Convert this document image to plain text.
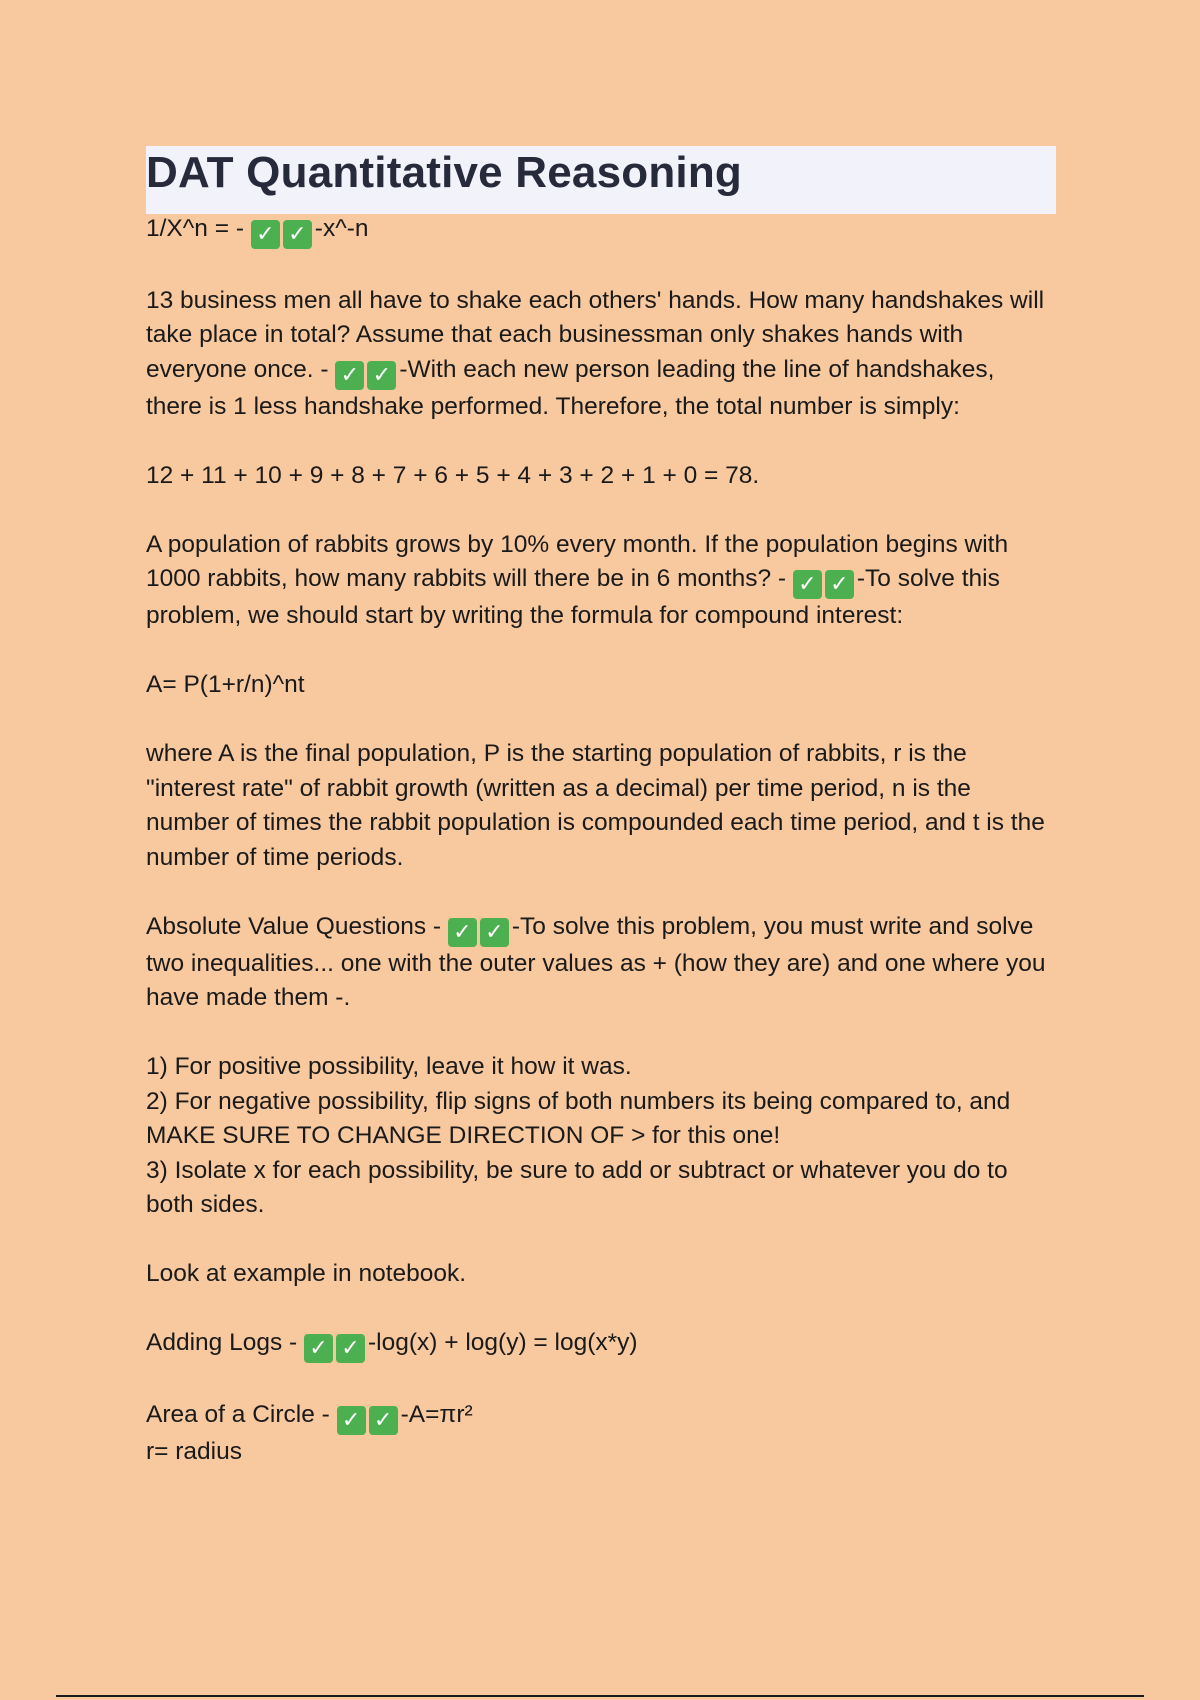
DAT Quantitative Reasoning

1/X^n = - ✓ ✓ -x^-n

13 business men all have to shake each others' hands. How many handshakes will take place in total? Assume that each businessman only shakes hands with everyone once. - ✓ ✓ -With each new person leading the line of handshakes, there is 1 less handshake performed. Therefore, the total number is simply:

12 + 11 + 10 + 9 + 8 + 7 + 6 + 5 + 4 + 3 + 2 + 1 + 0 = 78.

A population of rabbits grows by 10% every month. If the population begins with 1000 rabbits, how many rabbits will there be in 6 months? - ✓ ✓ -To solve this problem, we should start by writing the formula for compound interest:

A= P(1+r/n)^nt

where A is the final population, P is the starting population of rabbits, r is the "interest rate" of rabbit growth (written as a decimal) per time period, n is the number of times the rabbit population is compounded each time period, and t is the number of time periods.

Absolute Value Questions - ✓ ✓ -To solve this problem, you must write and solve two inequalities... one with the outer values as + (how they are) and one where you have made them -.

1) For positive possibility, leave it how it was.

2) For negative possibility, flip signs of both numbers its being compared to, and MAKE SURE TO CHANGE DIRECTION OF > for this one!

3) Isolate x for each possibility, be sure to add or subtract or whatever you do to both sides.

Look at example in notebook.

Adding Logs - ✓ ✓ -log(x) + log(y) = log(x*y)

Area of a Circle - ✓ ✓ -A=πr²

r= radius
